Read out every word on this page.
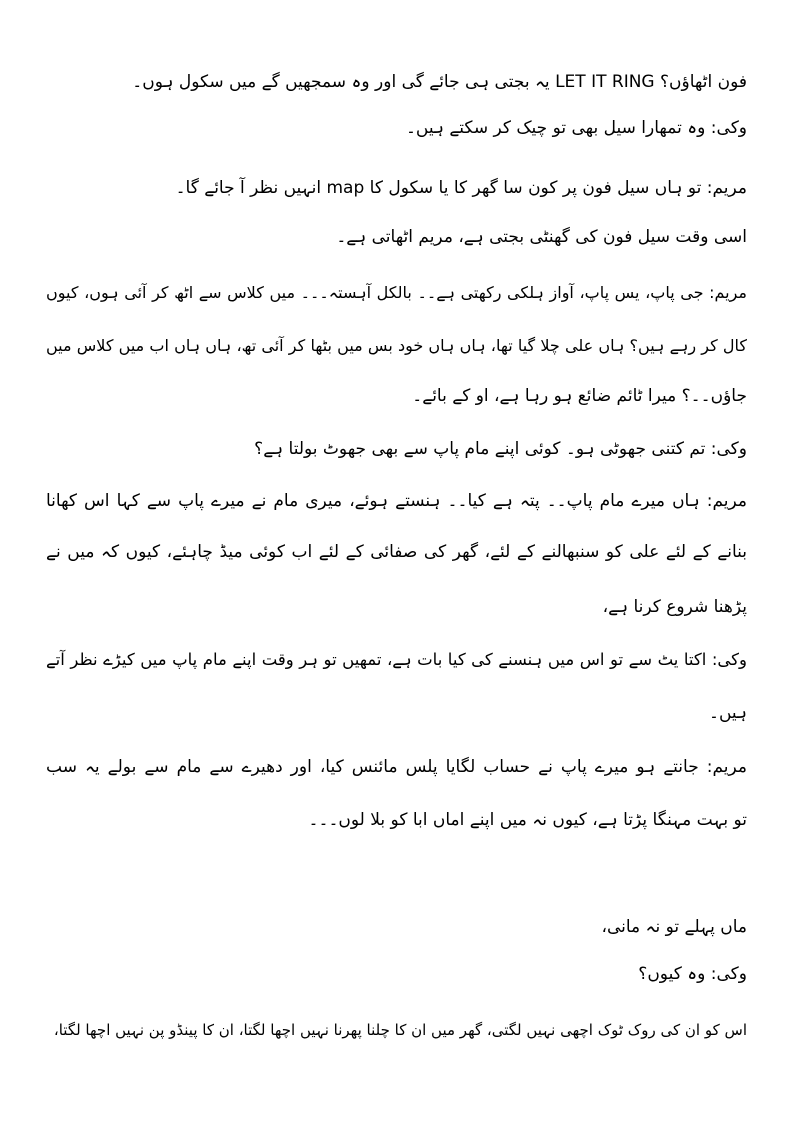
فون اٹھاؤں؟ LET IT RING یہ بجتی ہی جائے گی اور وہ سمجھیں گے میں سکول ہوں۔
وکی: وہ تمھارا سیل بھی تو چیک کر سکتے ہیں۔
مریم: تو ہاں سیل فون پر کون سا گھر کا یا سکول کا map انہیں نظر آ جائے گا۔
اسی وقت سیل فون کی گھنٹی بجتی ہے، مریم اٹھاتی ہے۔
مریم: جی پاپ، یس پاپ، آواز ہلکی رکھتی ہے۔۔ بالکل آہستہ۔۔۔ میں کلاس سے اٹھ کر آئی ہوں، کیوں
کال کر رہے ہیں؟ ہاں علی چلا گیا تھا، ہاں ہاں خود بس میں بٹھا کر آئی تھ، ہاں ہاں اب میں کلاس میں
جاؤں۔۔؟ میرا ٹائم ضائع ہو رہا ہے، او کے بائے۔
وکی: تم کتنی جھوٹی ہو۔ کوئی اپنے مام پاپ سے بھی جھوٹ بولتا ہے؟
مریم: ہاں میرے مام پاپ۔۔ پتہ ہے کیا۔۔ ہنستے ہوئے، میری مام نے میرے پاپ سے کہا اس کھانا
بنانے کے لئے علی کو سنبھالنے کے لئے، گھر کی صفائی کے لئے اب کوئی میڈ چاہئے، کیوں کہ میں نے
پڑھنا شروع کرنا ہے،
وکی: اکتا یٹ سے تو اس میں ہنسنے کی کیا بات ہے، تمھیں تو ہر وقت اپنے مام پاپ میں کیڑے نظر آتے
ہیں۔
مریم: جانتے ہو میرے پاپ نے حساب لگایا پلس مائنس کیا، اور دھیرے سے مام سے بولے یہ سب
تو بہت مہنگا پڑتا ہے، کیوں نہ میں اپنے اماں ابا کو بلا لوں۔۔۔
ماں پہلے تو نہ مانی،
وکی: وہ کیوں؟
اس کو ان کی روک ٹوک اچھی نہیں لگتی، گھر میں ان کا چلنا پھرنا نہیں اچھا لگتا، ان کا پینڈو پن نہیں اچھا لگتا،
